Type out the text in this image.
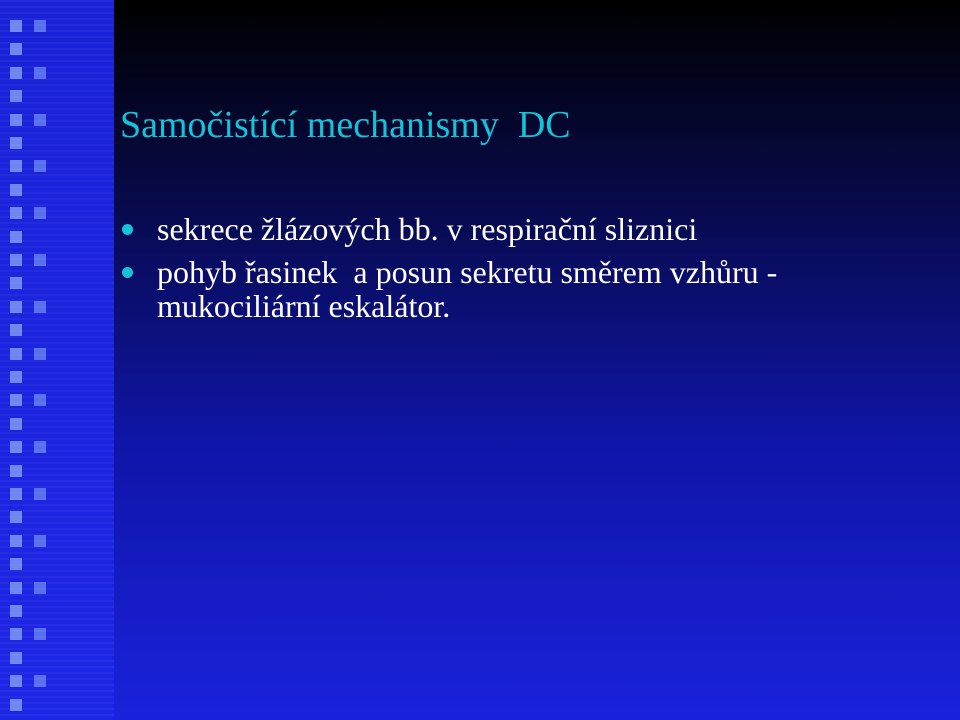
Samočistící mechanismy  DC
sekrece žlázových bb. v respirační sliznici
pohyb řasinek  a posun sekretu směrem vzhůru - mukociliární eskalátor.
